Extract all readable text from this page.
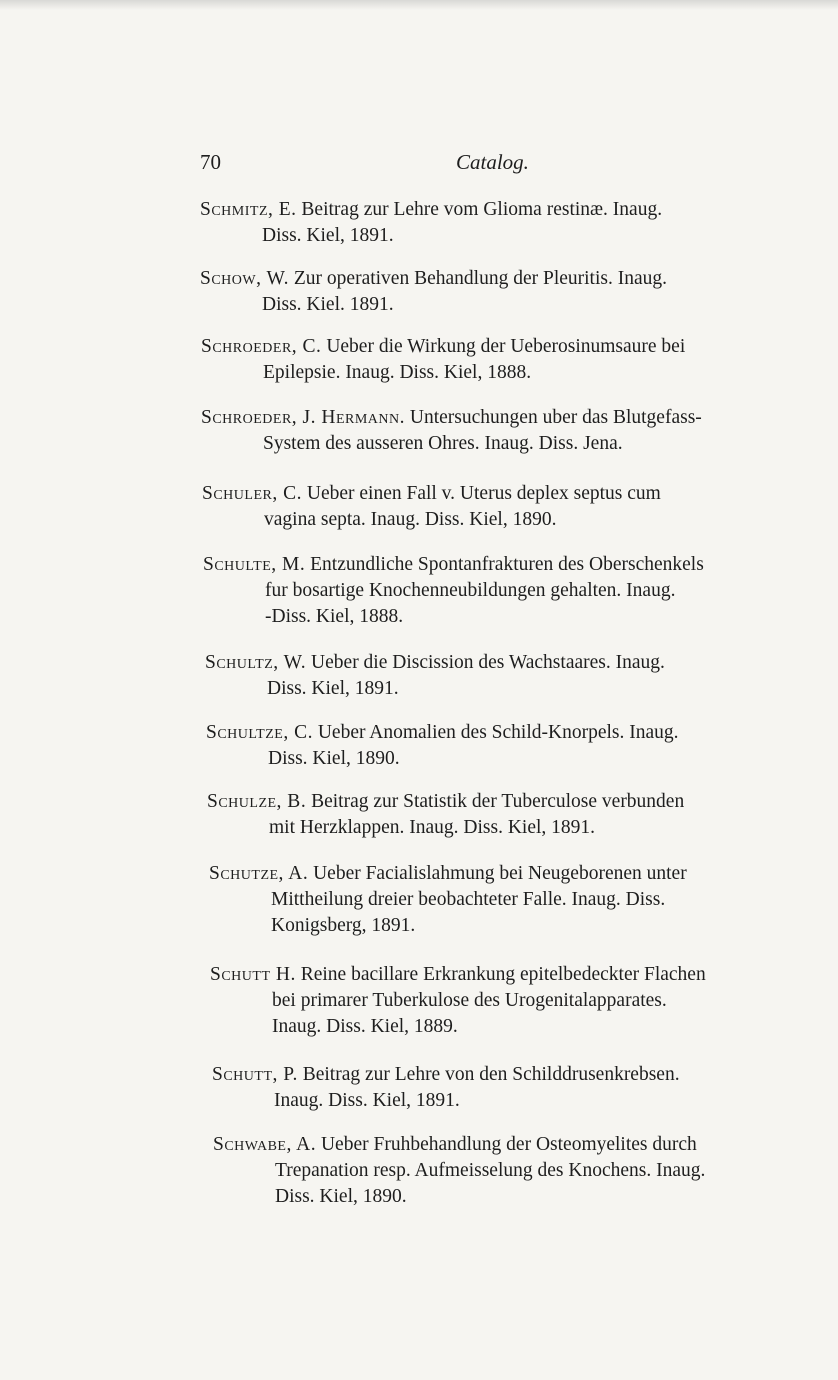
70	Catalog.
Schmitz, E. Beitrag zur Lehre vom Glioma restinæ. Inaug.
Diss. Kiel, 1891.
Schow, W. Zur operativen Behandlung der Pleuritis. Inaug.
Diss. Kiel. 1891.
Schroeder, C. Ueber die Wirkung der Ueberosinumsaure bei
Epilepsie. Inaug. Diss. Kiel, 1888.
Schroeder, J. Hermann. Untersuchungen uber das Blutgefass-
System des ausseren Ohres. Inaug. Diss. Jena.
Schuler, C. Ueber einen Fall v. Uterus deplex septus cum
vagina septa. Inaug. Diss. Kiel, 1890.
Schulte, M. Entzundliche Spontanfrakturen des Oberschenkels
fur bosartige Knochenneubildungen gehalten. Inaug.
-Diss. Kiel, 1888.
Schultz, W. Ueber die Discission des Wachstaares. Inaug.
Diss. Kiel, 1891.
Schultze, C. Ueber Anomalien des Schild-Knorpels. Inaug.
Diss. Kiel, 1890.
Schulze, B. Beitrag zur Statistik der Tuberculose verbunden
mit Herzklappen. Inaug. Diss. Kiel, 1891.
Schutze, A. Ueber Facialislahmung bei Neugeborenen unter
Mittheilung dreier beobachteter Falle. Inaug. Diss.
Konigsberg, 1891.
Schutt H. Reine bacillare Erkrankung epitelbedeckter Flachen
bei primarer Tuberkulose des Urogenitalapparates.
Inaug. Diss. Kiel, 1889.
Schutt, P. Beitrag zur Lehre von den Schilddrusenkrebsen.
Inaug. Diss. Kiel, 1891.
Schwabe, A. Ueber Fruhbehandlung der Osteomyelites durch
Trepanation resp. Aufmeisselung des Knochens. Inaug.
Diss. Kiel, 1890.
